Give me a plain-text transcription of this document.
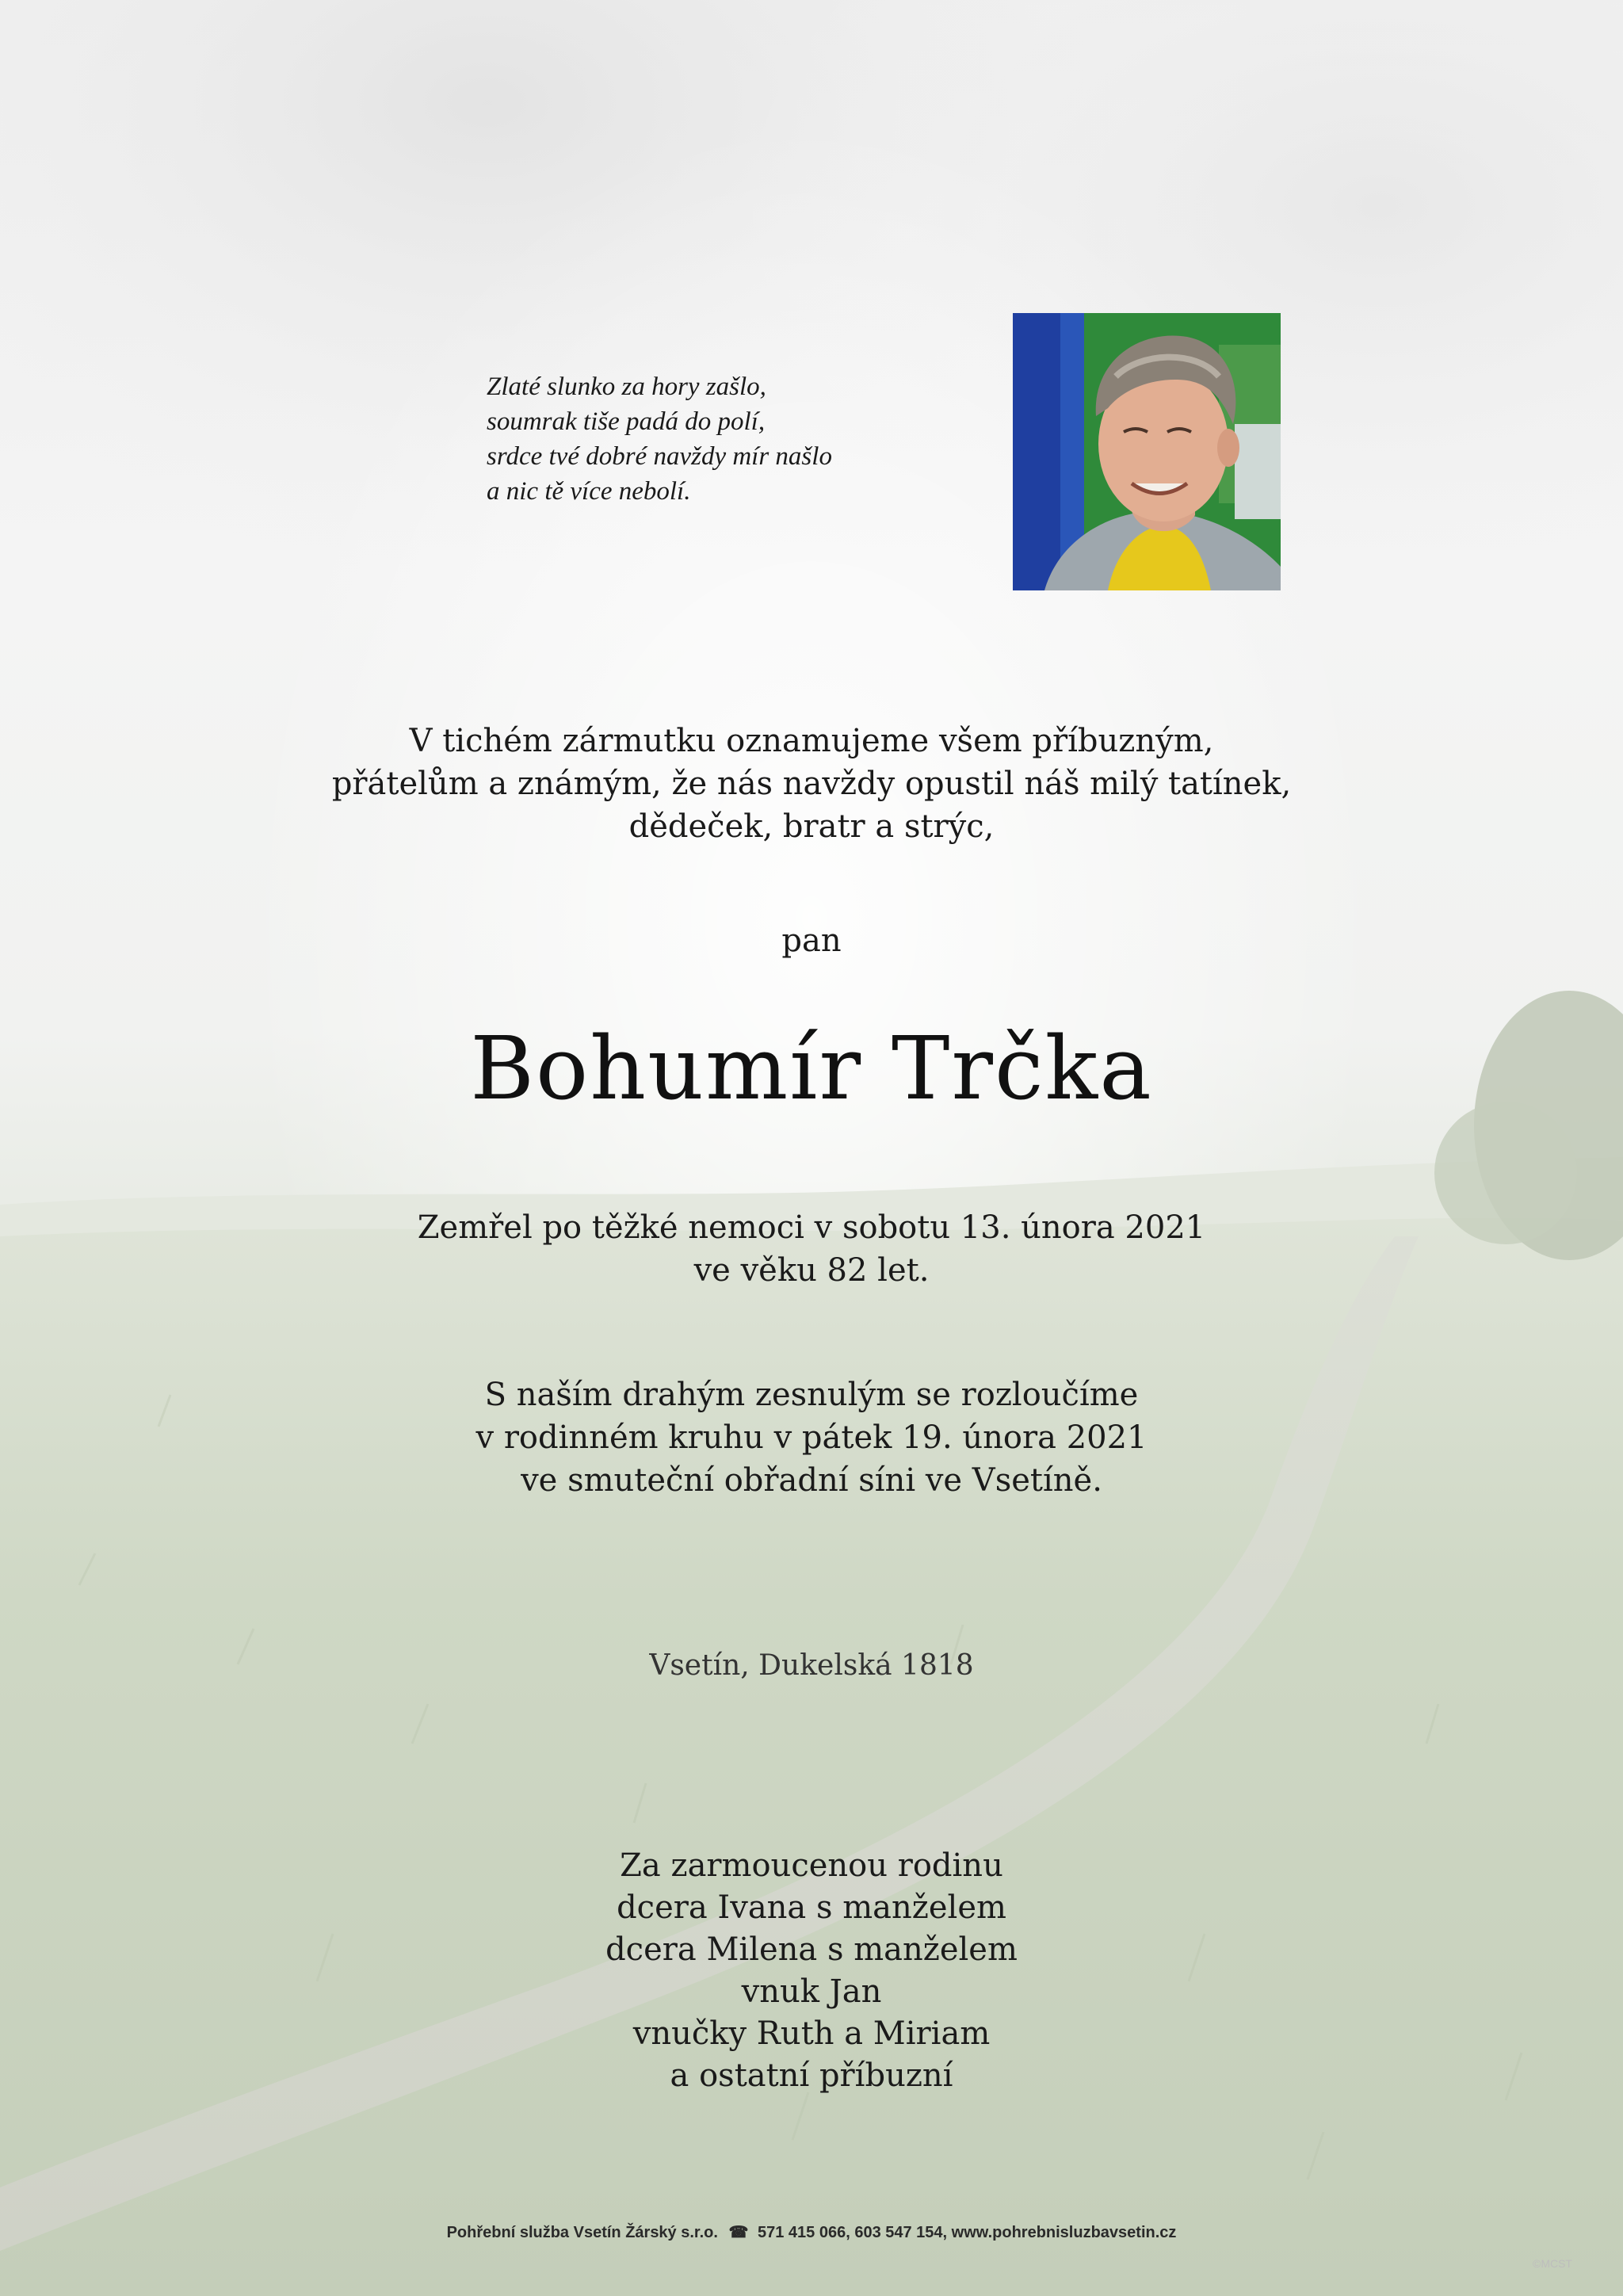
Zlaté slunko za hory zašlo,
soumrak tiše padá do polí,
srdce tvé dobré navždy mír našlo
a nic tě více nebolí.
V tichém zármutku oznamujeme všem příbuzným,
přátelům a známým, že nás navždy opustil náš milý tatínek,
dědeček, bratr a strýc,
pan
Bohumír Trčka
Zemřel po těžké nemoci v sobotu 13. února 2021
ve věku 82 let.
S naším drahým zesnulým se rozloučíme
v rodinném kruhu v pátek 19. února 2021
ve smuteční obřadní síni ve Vsetíně.
Vsetín, Dukelská 1818
Za zarmoucenou rodinu
dcera Ivana s manželem
dcera Milena s manželem
vnuk Jan
vnučky Ruth a Miriam
a ostatní příbuzní
Pohřební služba Vsetín Žárský s.r.o. ☎ 571 415 066, 603 547 154, www.pohrebnisluzbavsetin.cz
©MCST
